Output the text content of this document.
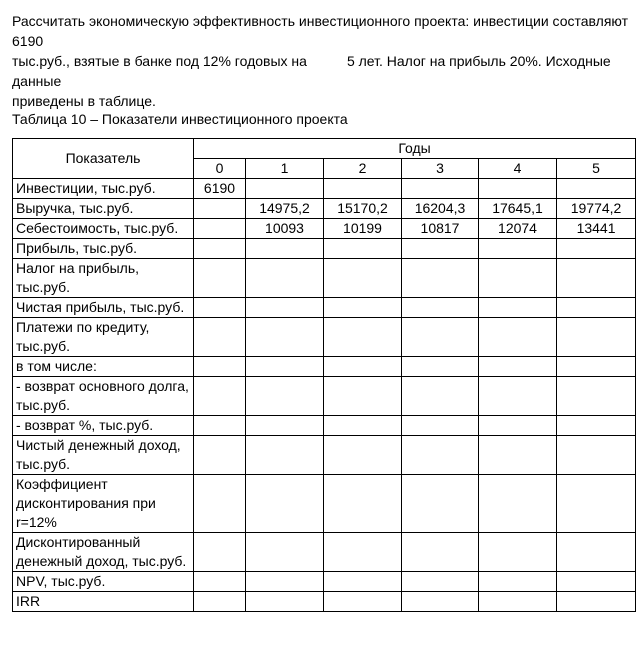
Рассчитать экономическую эффективность инвестиционного проекта: инвестиции составляют 6190
тыс.руб., взятые в банке под 12% годовых на	5 лет. Налог на прибыль 20%. Исходные данные
приведены в таблице.
Таблица 10 – Показатели инвестиционного проекта
Показатель	Годы					
	0	1	2	3	4	5
Инвестиции, тыс.руб.	6190					
Выручка, тыс.руб.		14975,2	15170,2	16204,3	17645,1	19774,2
Себестоимость, тыс.руб.		10093	10199	10817	12074	13441
Прибыль, тыс.руб.						
Налог на прибыль, тыс.руб.						
Чистая прибыль, тыс.руб.						
Платежи по кредиту, тыс.руб.						
в том числе:						
- возврат основного долга, тыс.руб.						
- возврат %, тыс.руб.						
Чистый денежный доход, тыс.руб.						
Коэффициент дисконтирования при r=12%						
Дисконтированный денежный доход, тыс.руб.						
NPV, тыс.руб.						
IRR						
